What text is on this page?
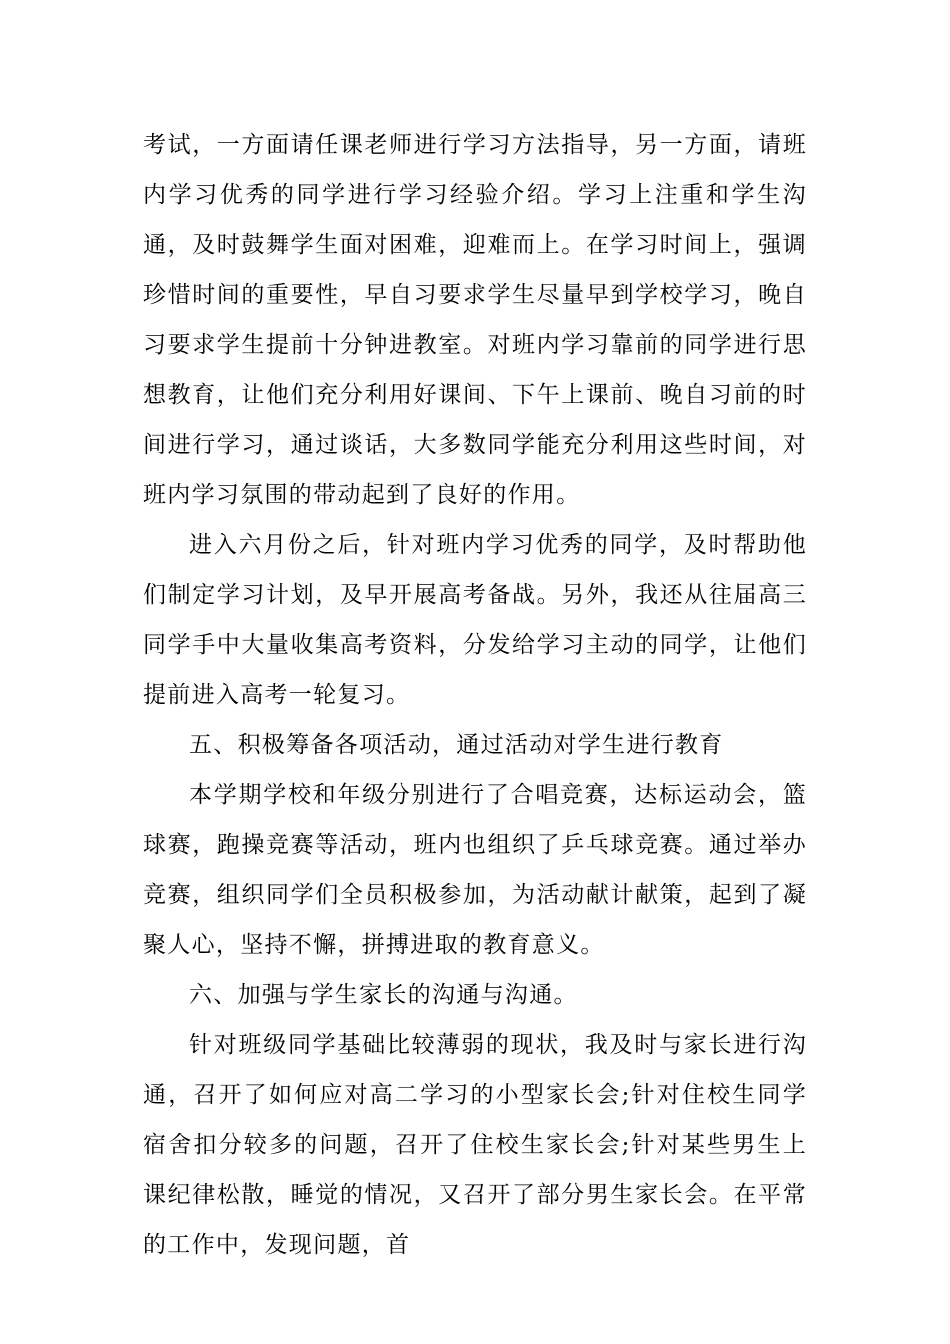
考试，一方面请任课老师进行学习方法指导，另一方面，请班内学习优秀的同学进行学习经验介绍。学习上注重和学生沟通，及时鼓舞学生面对困难，迎难而上。在学习时间上，强调珍惜时间的重要性，早自习要求学生尽量早到学校学习，晚自习要求学生提前十分钟进教室。对班内学习靠前的同学进行思想教育，让他们充分利用好课间、下午上课前、晚自习前的时间进行学习，通过谈话，大多数同学能充分利用这些时间，对班内学习氛围的带动起到了良好的作用。

进入六月份之后，针对班内学习优秀的同学，及时帮助他们制定学习计划，及早开展高考备战。另外，我还从往届高三同学手中大量收集高考资料，分发给学习主动的同学，让他们提前进入高考一轮复习。

五、积极筹备各项活动，通过活动对学生进行教育

本学期学校和年级分别进行了合唱竞赛，达标运动会，篮球赛，跑操竞赛等活动，班内也组织了乒乓球竞赛。通过举办竞赛，组织同学们全员积极参加，为活动献计献策，起到了凝聚人心，坚持不懈，拼搏进取的教育意义。

六、加强与学生家长的沟通与沟通。

针对班级同学基础比较薄弱的现状，我及时与家长进行沟通，召开了如何应对高二学习的小型家长会;针对住校生同学宿舍扣分较多的问题，召开了住校生家长会;针对某些男生上课纪律松散，睡觉的情况，又召开了部分男生家长会。在平常的工作中，发现问题，首
